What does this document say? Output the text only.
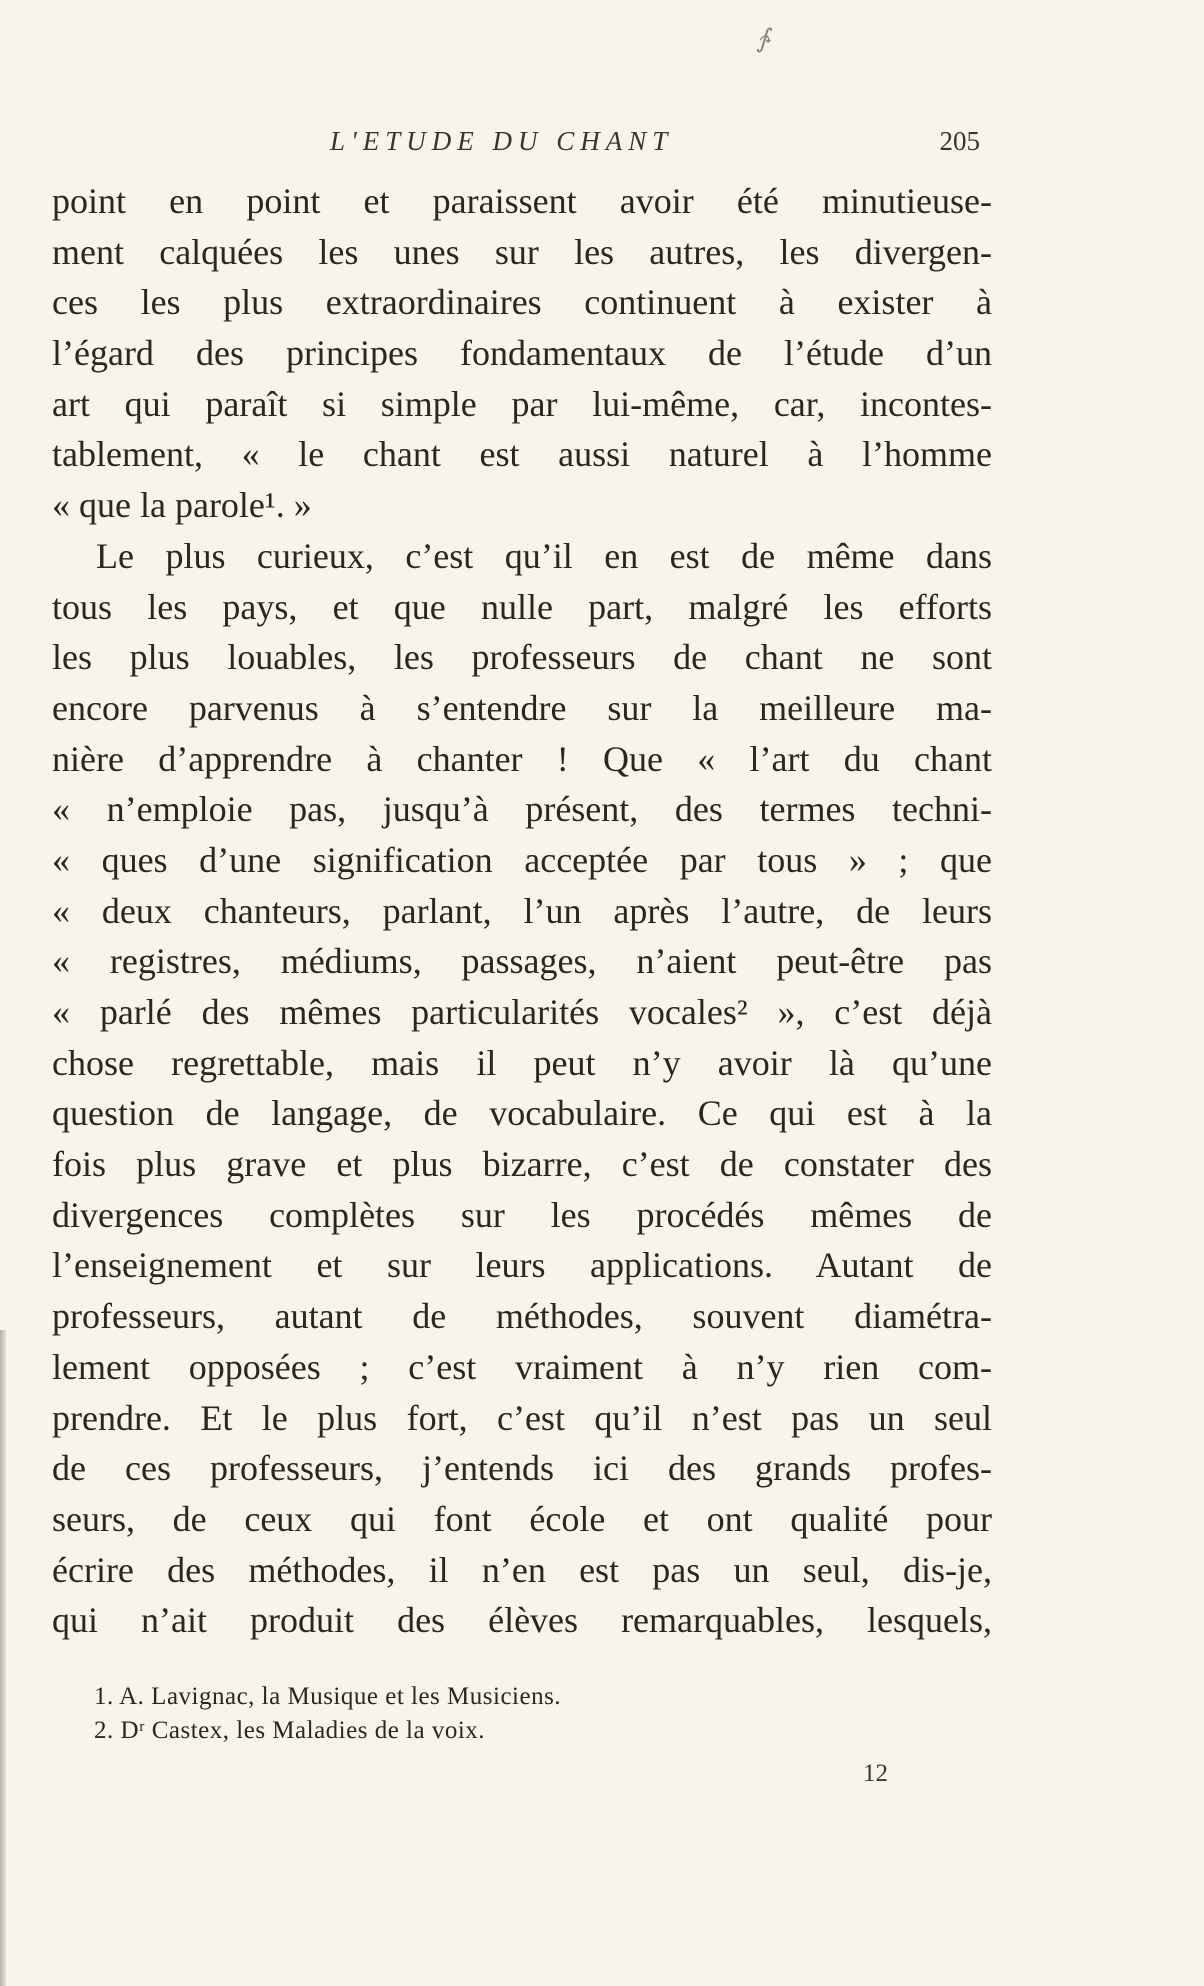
∱
L'ETUDE DU CHANT	205
point en point et paraissent avoir été minutieuse-
ment calquées les unes sur les autres, les divergen-
ces les plus extraordinaires continuent à exister à
l’égard des principes fondamentaux de l’étude d’un
art qui paraît si simple par lui-même, car, incontes-
tablement, « le chant est aussi naturel à l’homme
« que la parole¹. »
Le plus curieux, c’est qu’il en est de même dans
tous les pays, et que nulle part, malgré les efforts
les plus louables, les professeurs de chant ne sont
encore parvenus à s’entendre sur la meilleure ma-
nière d’apprendre à chanter ! Que « l’art du chant
« n’emploie pas, jusqu’à présent, des termes techni-
« ques d’une signification acceptée par tous » ; que
« deux chanteurs, parlant, l’un après l’autre, de leurs
« registres, médiums, passages, n’aient peut-être pas
« parlé des mêmes particularités vocales² », c’est déjà
chose regrettable, mais il peut n’y avoir là qu’une
question de langage, de vocabulaire. Ce qui est à la
fois plus grave et plus bizarre, c’est de constater des
divergences complètes sur les procédés mêmes de
l’enseignement et sur leurs applications. Autant de
professeurs, autant de méthodes, souvent diamétra-
lement opposées ; c’est vraiment à n’y rien com-
prendre. Et le plus fort, c’est qu’il n’est pas un seul
de ces professeurs, j’entends ici des grands profes-
seurs, de ceux qui font école et ont qualité pour
écrire des méthodes, il n’en est pas un seul, dis-je,
qui n’ait produit des élèves remarquables, lesquels,
1. A. Lavignac, la Musique et les Musiciens.
2. Dʳ Castex, les Maladies de la voix.
12
